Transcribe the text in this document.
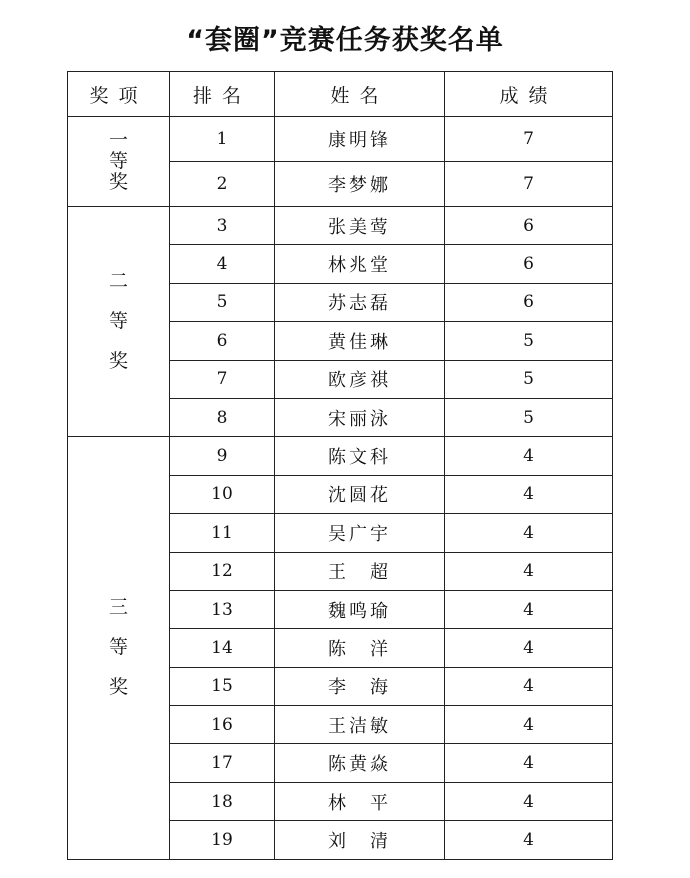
“套圈”竞赛任务获奖名单
奖项	排名	姓名	成绩
一等奖	1	康明锋	7
	2	李梦娜	7
二等奖	3	张美莺	6
	4	林兆堂	6
	5	苏志磊	6
	6	黄佳琳	5
	7	欧彦祺	5
	8	宋丽泳	5
三等奖	9	陈文科	4
	10	沈圆花	4
	11	吴广宇	4
	12	王　超	4
	13	魏鸣瑜	4
	14	陈　洋	4
	15	李　海	4
	16	王洁敏	4
	17	陈黄焱	4
	18	林　平	4
	19	刘　清	4
